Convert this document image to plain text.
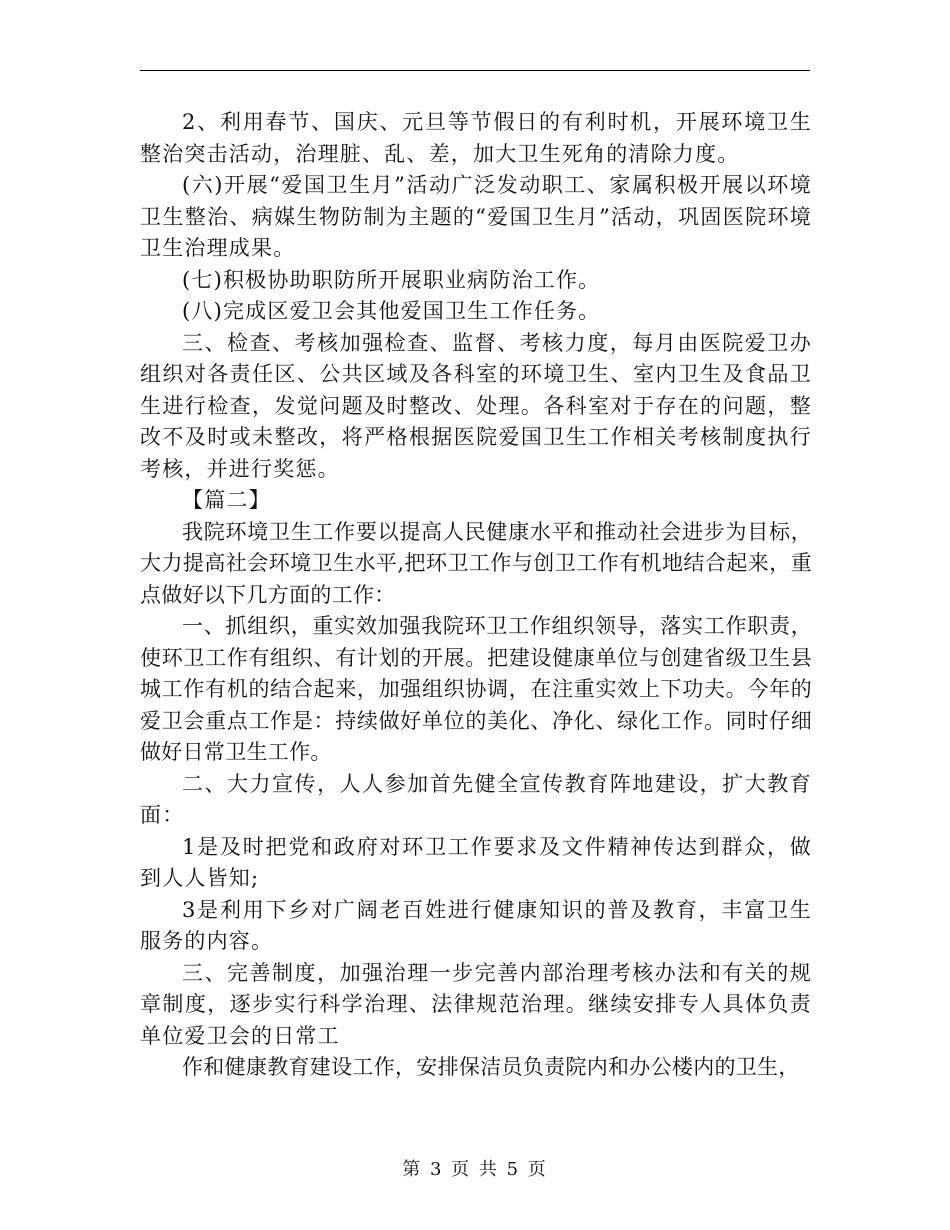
2、利用春节、国庆、元旦等节假日的有利时机，开展环境卫生整治突击活动，治理脏、乱、差，加大卫生死角的清除力度。

(六)开展“爱国卫生月”活动广泛发动职工、家属积极开展以环境卫生整治、病媒生物防制为主题的“爱国卫生月”活动，巩固医院环境卫生治理成果。

(七)积极协助职防所开展职业病防治工作。

(八)完成区爱卫会其他爱国卫生工作任务。

三、检查、考核加强检查、监督、考核力度，每月由医院爱卫办组织对各责任区、公共区域及各科室的环境卫生、室内卫生及食品卫生进行检查，发觉问题及时整改、处理。各科室对于存在的问题，整改不及时或未整改，将严格根据医院爱国卫生工作相关考核制度执行考核，并进行奖惩。

【篇二】

我院环境卫生工作要以提高人民健康水平和推动社会进步为目标，大力提高社会环境卫生水平,把环卫工作与创卫工作有机地结合起来，重点做好以下几方面的工作：

一、抓组织，重实效加强我院环卫工作组织领导，落实工作职责，使环卫工作有组织、有计划的开展。把建设健康单位与创建省级卫生县城工作有机的结合起来，加强组织协调，在注重实效上下功夫。今年的爱卫会重点工作是：持续做好单位的美化、净化、绿化工作。同时仔细做好日常卫生工作。

二、大力宣传，人人参加首先健全宣传教育阵地建设，扩大教育面：

1是及时把党和政府对环卫工作要求及文件精神传达到群众，做到人人皆知;

3是利用下乡对广阔老百姓进行健康知识的普及教育，丰富卫生服务的内容。

三、完善制度，加强治理一步完善内部治理考核办法和有关的规章制度，逐步实行科学治理、法律规范治理。继续安排专人具体负责单位爱卫会的日常工

作和健康教育建设工作，安排保洁员负责院内和办公楼内的卫生，

第 3 页 共 5 页
